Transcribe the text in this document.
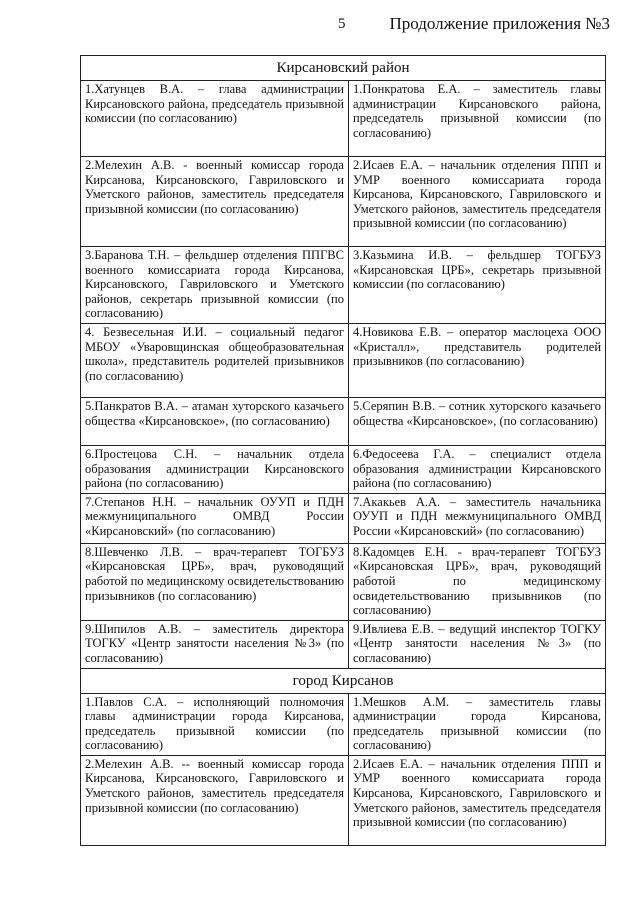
5	Продолжение приложения №3
Кирсановский район	
1.Хатунцев В.А. – глава администрации Кирсановского района, председатель призывной комиссии (по согласованию)	1.Понкратова Е.А. – заместитель главы администрации Кирсановского района, председатель призывной комиссии (по согласованию)
2.Мелехин А.В. - военный комиссар города Кирсанова, Кирсановского, Гавриловского и Уметского районов, заместитель председателя призывной комиссии (по согласованию)	2.Исаев Е.А. – начальник отделения ППП и УМР военного комиссариата города Кирсанова, Кирсановского, Гавриловского и Уметского районов, заместитель председателя призывной комиссии (по согласованию)
3.Баранова Т.Н. – фельдшер отделения ППГВС военного комиссариата города Кирсанова, Кирсановского, Гавриловского и Уметского районов, секретарь призывной комиссии (по согласованию)	3.Казьмина И.В. – фельдшер ТОГБУЗ «Кирсановская ЦРБ», секретарь призывной комиссии (по согласованию)
4. Безвесельная И.И. – социальный педагог МБОУ «Уваровщинская общеобразовательная школа», представитель родителей призывников (по согласованию)	4.Новикова Е.В. – оператор маслоцеха ООО «Кристалл», представитель родителей призывников (по согласованию)
5.Панкратов В.А. – атаман хуторского казачьего общества «Кирсановское», (по согласованию)	5.Серяпин В.В. – сотник хуторского казачьего общества «Кирсановское», (по согласованию)
6.Простецова С.Н. – начальник отдела образования администрации Кирсановского района (по согласованию)	6.Федосеева Г.А. – специалист отдела образования администрации Кирсановского района (по согласованию)
7.Степанов Н.Н. – начальник ОУУП и ПДН межмуниципального ОМВД России «Кирсановский» (по согласованию)	7.Акакьев А.А. – заместитель начальника ОУУП и ПДН межмуниципального ОМВД России «Кирсановский» (по согласованию)
8.Шевченко Л.В. – врач-терапевт ТОГБУЗ «Кирсановская ЦРБ», врач, руководящий работой по медицинскому освидетельствованию призывников (по согласованию)	8.Кадомцев Е.Н. - врач-терапевт ТОГБУЗ «Кирсановская ЦРБ», врач, руководящий работой по медицинскому освидетельствованию призывников (по согласованию)
9.Шипилов А.В. – заместитель директора ТОГКУ «Центр занятости населения №3» (по согласованию)	9.Ивлиева Е.В. – ведущий инспектор ТОГКУ «Центр занятости населения №3» (по согласованию)
город Кирсанов	
1.Павлов С.А. – исполняющий полномочия главы администрации города Кирсанова, председатель призывной комиссии (по согласованию)	1.Мешков А.М. – заместитель главы администрации города Кирсанова, председатель призывной комиссии (по согласованию)
2.Мелехин А.В. -- военный комиссар города Кирсанова, Кирсановского, Гавриловского и Уметского районов, заместитель председателя призывной комиссии (по согласованию)	2.Исаев Е.А. – начальник отделения ППП и УМР военного комиссариата города Кирсанова, Кирсановского, Гавриловского и Уметского районов, заместитель председателя призывной комиссии (по согласованию)
